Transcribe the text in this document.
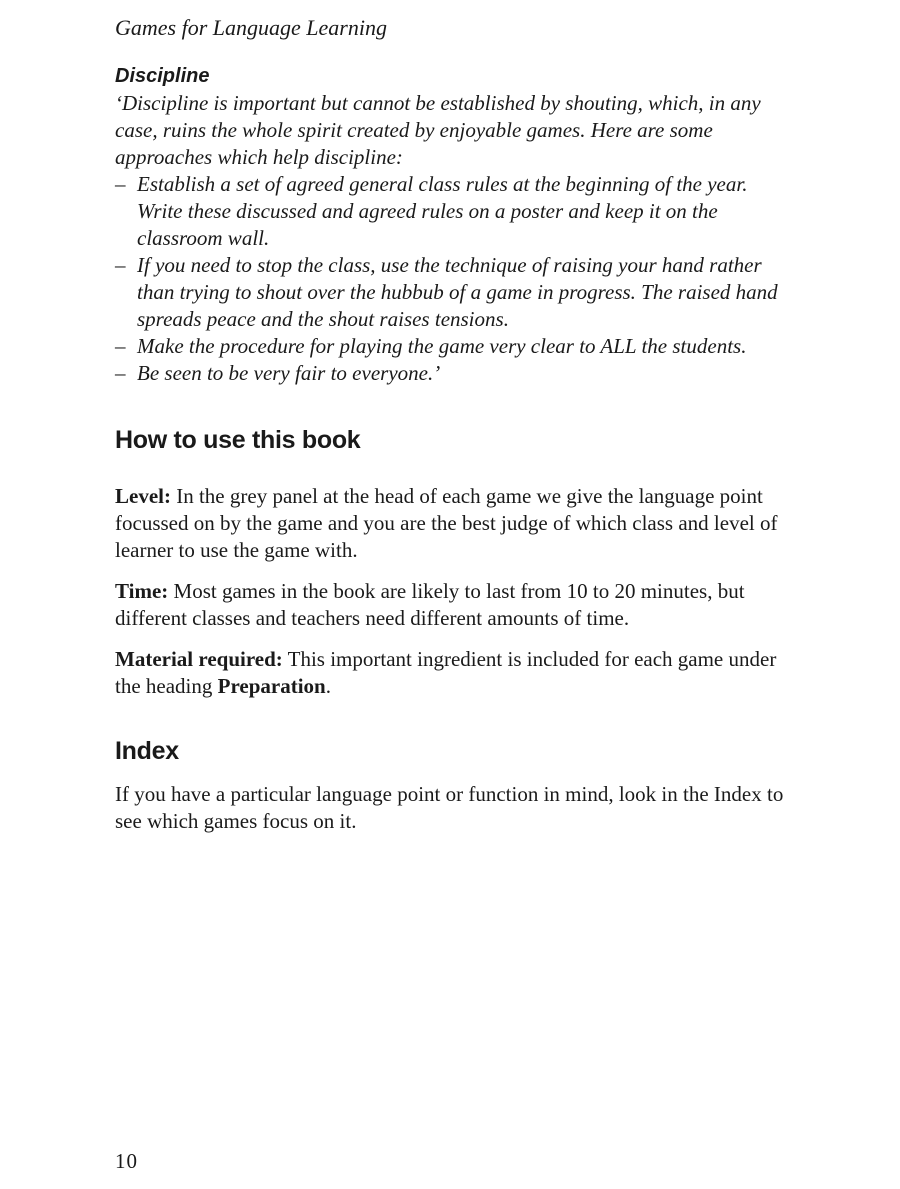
Games for Language Learning
Discipline
‘Discipline is important but cannot be established by shouting, which, in any case, ruins the whole spirit created by enjoyable games. Here are some approaches which help discipline:
– Establish a set of agreed general class rules at the beginning of the year. Write these discussed and agreed rules on a poster and keep it on the classroom wall.
– If you need to stop the class, use the technique of raising your hand rather than trying to shout over the hubbub of a game in progress. The raised hand spreads peace and the shout raises tensions.
– Make the procedure for playing the game very clear to ALL the students.
– Be seen to be very fair to everyone.’
How to use this book

Level: In the grey panel at the head of each game we give the language point focussed on by the game and you are the best judge of which class and level of learner to use the game with.

Time: Most games in the book are likely to last from 10 to 20 minutes, but different classes and teachers need different amounts of time.

Material required: This important ingredient is included for each game under the heading Preparation.

Index

If you have a particular language point or function in mind, look in the Index to see which games focus on it.

10
